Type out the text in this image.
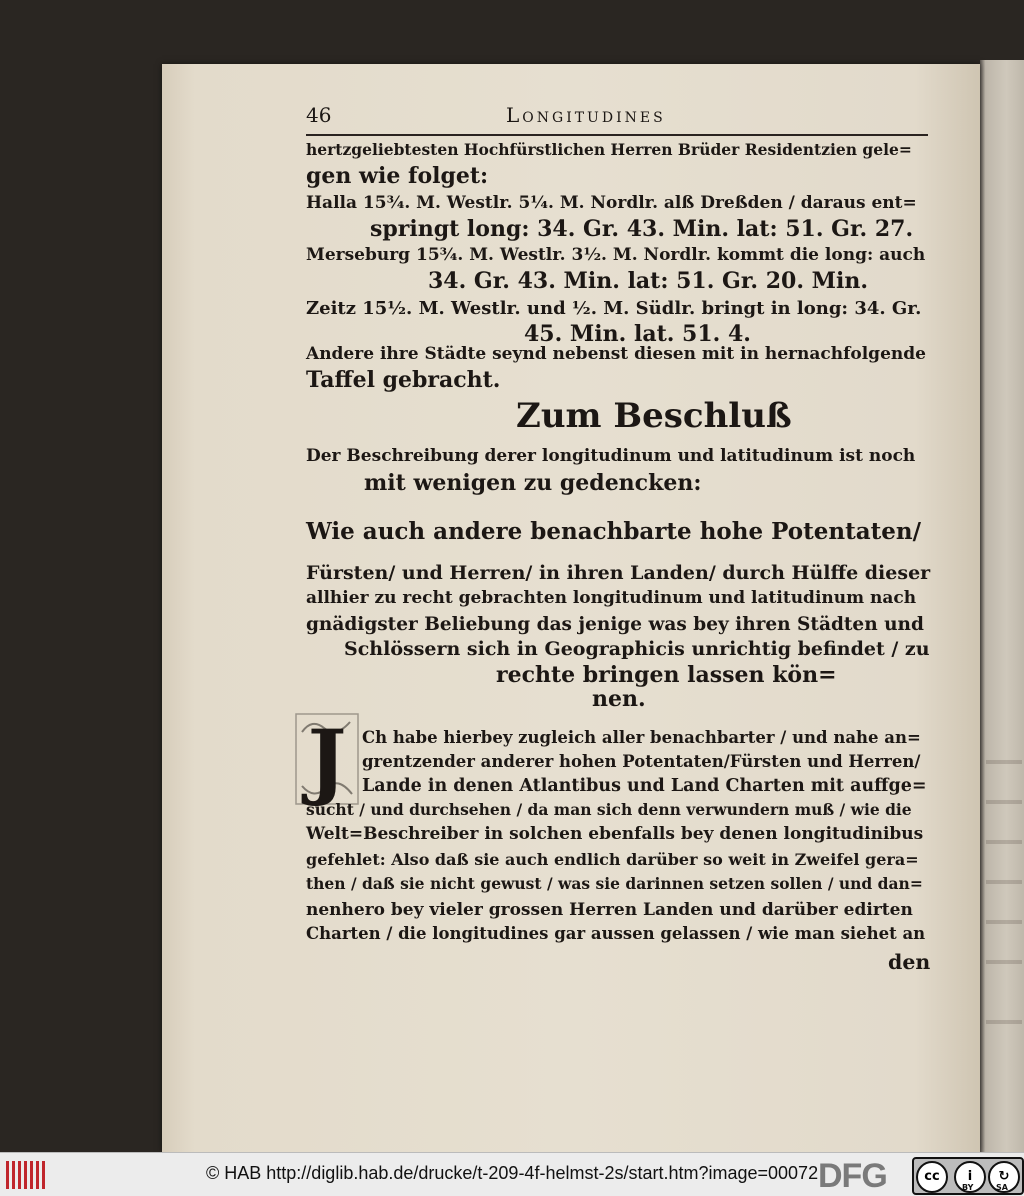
46	Longitudines
hertzgeliebtesten Hochfürstlichen Herren Brüder Residentzien gele=
gen wie folget:
Halla 15¾. M. Westlr. 5¼. M. Nordlr. alß Dreßden / daraus ent=
springt long: 34. Gr. 43. Min. lat: 51. Gr. 27.
Merseburg 15¾. M. Westlr. 3½. M. Nordlr. kommt die long: auch
34. Gr. 43. Min. lat: 51. Gr. 20. Min.
Zeitz 15½. M. Westlr. und ½. M. Südlr. bringt in long: 34. Gr.
45. Min. lat. 51. 4.
Andere ihre Städte seynd nebenst diesen mit in hernachfolgende
Taffel gebracht.
Zum Beschluß
Der Beschreibung derer longitudinum und latitudinum ist noch
mit wenigen zu gedencken:
Wie auch andere benachbarte hohe Potentaten/
Fürsten/ und Herren/ in ihren Landen/ durch Hülffe dieser
allhier zu recht gebrachten longitudinum und latitudinum nach
gnädigster Beliebung das jenige was bey ihren Städten und
Schlössern sich in Geographicis unrichtig befindet / zu
rechte bringen lassen kön=
nen.
J Ch habe hierbey zugleich aller benachbarter / und nahe an=
grentzender anderer hohen Potentaten/Fürsten und Herren/
Lande in denen Atlantibus und Land Charten mit auffge=
sucht / und durchsehen / da man sich denn verwundern muß / wie die
Welt=Beschreiber in solchen ebenfalls bey denen longitudinibus
gefehlet: Also daß sie auch endlich darüber so weit in Zweifel gera=
then / daß sie nicht gewust / was sie darinnen setzen sollen / und dan=
nenhero bey vieler grossen Herren Landen und darüber edirten
Charten / die longitudines gar aussen gelassen / wie man siehet an
den
© HAB http://diglib.hab.de/drucke/t-209-4f-helmst-2s/start.htm?image=00072 DFG	cc	i	↻
BY	SA
